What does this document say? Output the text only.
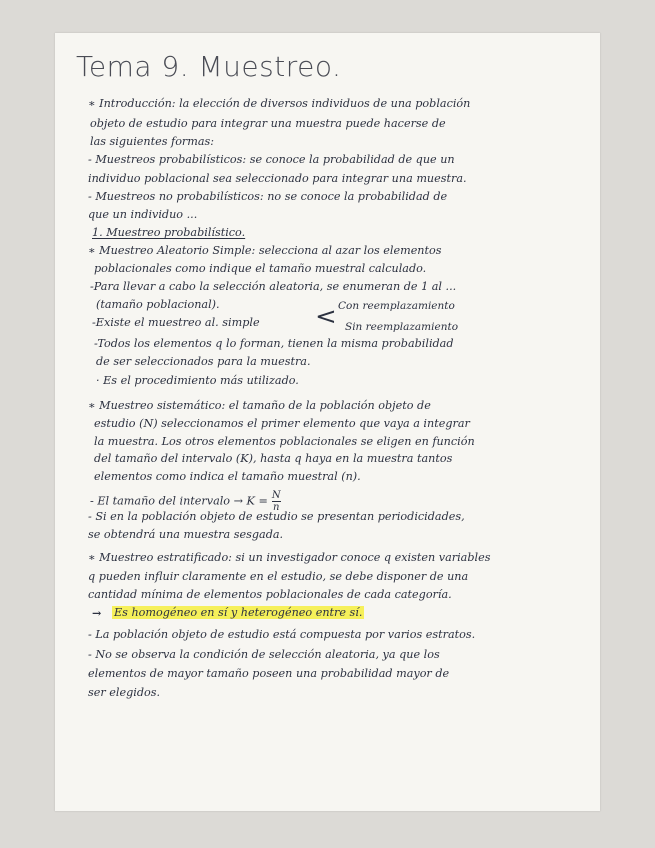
Tema 9. Muestreo.
∗ Introducción: la elección de diversos individuos de una población
objeto de estudio para integrar una muestra puede hacerse de
las siguientes formas:
- Muestreos probabilísticos: se conoce la probabilidad de que un
individuo poblacional sea seleccionado para integrar una muestra.
- Muestreos no probabilísticos: no se conoce la probabilidad de
que un individuo ...
1. Muestreo probabilístico.
∗ Muestreo Aleatorio Simple: selecciona al azar los elementos
poblacionales como indique el tamaño muestral calculado.
-Para llevar a cabo la selección aleatoria, se enumeran de 1 al ...
(tamaño poblacional).
-Existe el muestreo al. simple
-Todos los elementos q lo forman, tienen la misma probabilidad
de ser seleccionados para la muestra.
· Es el procedimiento más utilizado.
∗ Muestreo sistemático: el tamaño de la población objeto de
estudio (N) seleccionamos el primer elemento que vaya a integrar
la muestra. Los otros elementos poblacionales se eligen en función
del tamaño del intervalo (K), hasta q haya en la muestra tantos
elementos como indica el tamaño muestral (n).
- El tamaño del intervalo → $K = \frac{N}{n}$
- Si en la población objeto de estudio se presentan periodicidades,
se obtendrá una muestra sesgada.
∗ Muestreo estratificado: si un investigador conoce q existen variables
q pueden influir claramente en el estudio, se debe disponer de una
cantidad mínima de elementos poblacionales de cada categoría.
→ Es homogéneo en sí y heterogéneo entre sí.
- La población objeto de estudio está compuesta por varios estratos.
- No se observa la condición de selección aleatoria, ya que los
elementos de mayor tamaño poseen una probabilidad mayor de
ser elegidos.
< Con reemplazamiento
Sin reemplazamiento
